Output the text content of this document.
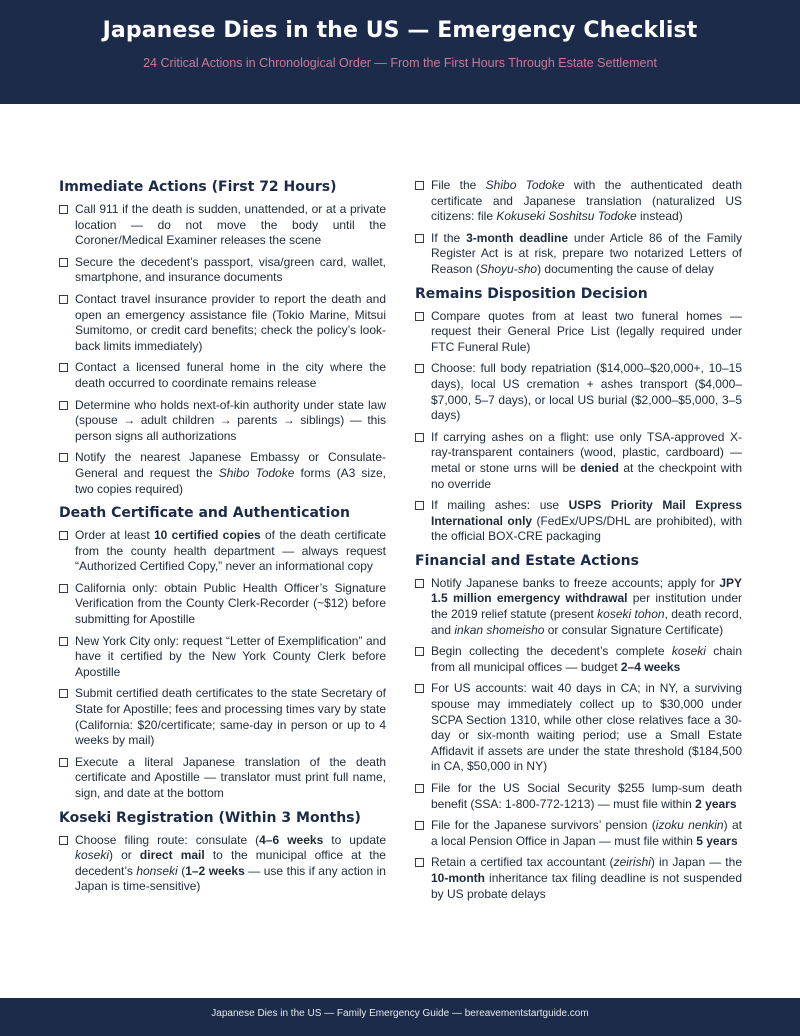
Japanese Dies in the US — Emergency Checklist
24 Critical Actions in Chronological Order — From the First Hours Through Estate Settlement
Immediate Actions (First 72 Hours)
Call 911 if the death is sudden, unattended, or at a private location — do not move the body until the Coroner/Medical Examiner releases the scene
Secure the decedent’s passport, visa/green card, wallet, smartphone, and insurance documents
Contact travel insurance provider to report the death and open an emergency assistance file (Tokio Marine, Mitsui Sumitomo, or credit card benefits; check the policy’s look-back limits immediately)
Contact a licensed funeral home in the city where the death occurred to coordinate remains release
Determine who holds next-of-kin authority under state law (spouse → adult children → parents → siblings) — this person signs all authorizations
Notify the nearest Japanese Embassy or Consulate-General and request the Shibo Todoke forms (A3 size, two copies required)
Death Certificate and Authentication
Order at least 10 certified copies of the death certificate from the county health department — always request “Authorized Certified Copy,” never an informational copy
California only: obtain Public Health Officer’s Signature Verification from the County Clerk-Recorder (~$12) before submitting for Apostille
New York City only: request “Letter of Exemplification” and have it certified by the New York County Clerk before Apostille
Submit certified death certificates to the state Secretary of State for Apostille; fees and processing times vary by state (California: $20/certificate; same-day in person or up to 4 weeks by mail)
Execute a literal Japanese translation of the death certificate and Apostille — translator must print full name, sign, and date at the bottom
Koseki Registration (Within 3 Months)
Choose filing route: consulate (4–6 weeks to update koseki) or direct mail to the municipal office at the decedent’s honseki (1–2 weeks — use this if any action in Japan is time-sensitive)
File the Shibo Todoke with the authenticated death certificate and Japanese translation (naturalized US citizens: file Kokuseki Soshitsu Todoke instead)
If the 3-month deadline under Article 86 of the Family Register Act is at risk, prepare two notarized Letters of Reason (Shoyu-sho) documenting the cause of delay
Remains Disposition Decision
Compare quotes from at least two funeral homes — request their General Price List (legally required under FTC Funeral Rule)
Choose: full body repatriation ($14,000–$20,000+, 10–15 days), local US cremation + ashes transport ($4,000–$7,000, 5–7 days), or local US burial ($2,000–$5,000, 3–5 days)
If carrying ashes on a flight: use only TSA-approved X-ray-transparent containers (wood, plastic, cardboard) — metal or stone urns will be denied at the checkpoint with no override
If mailing ashes: use USPS Priority Mail Express International only (FedEx/UPS/DHL are prohibited), with the official BOX-CRE packaging
Financial and Estate Actions
Notify Japanese banks to freeze accounts; apply for JPY 1.5 million emergency withdrawal per institution under the 2019 relief statute (present koseki tohon, death record, and inkan shomeisho or consular Signature Certificate)
Begin collecting the decedent’s complete koseki chain from all municipal offices — budget 2–4 weeks
For US accounts: wait 40 days in CA; in NY, a surviving spouse may immediately collect up to $30,000 under SCPA Section 1310, while other close relatives face a 30-day or six-month waiting period; use a Small Estate Affidavit if assets are under the state threshold ($184,500 in CA, $50,000 in NY)
File for the US Social Security $255 lump-sum death benefit (SSA: 1-800-772-1213) — must file within 2 years
File for the Japanese survivors’ pension (izoku nenkin) at a local Pension Office in Japan — must file within 5 years
Retain a certified tax accountant (zeirishi) in Japan — the 10-month inheritance tax filing deadline is not suspended by US probate delays
Japanese Dies in the US — Family Emergency Guide — bereavementstartguide.com
